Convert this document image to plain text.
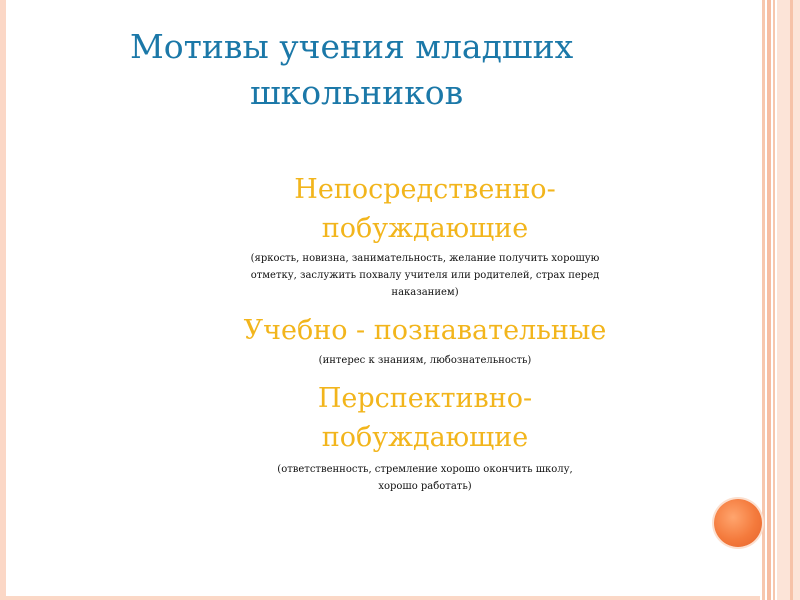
Мотивы учения младших
школьников

Непосредственно-побуждающие

(яркость, новизна, занимательность, желание получить хорошую
отметку, заслужить похвалу учителя или родителей, страх перед
наказанием)

Учебно - познавательные

(интерес к знаниям, любознательность)

Перспективно-побуждающие

(ответственность, стремление хорошо окончить школу,
хорошо работать)
